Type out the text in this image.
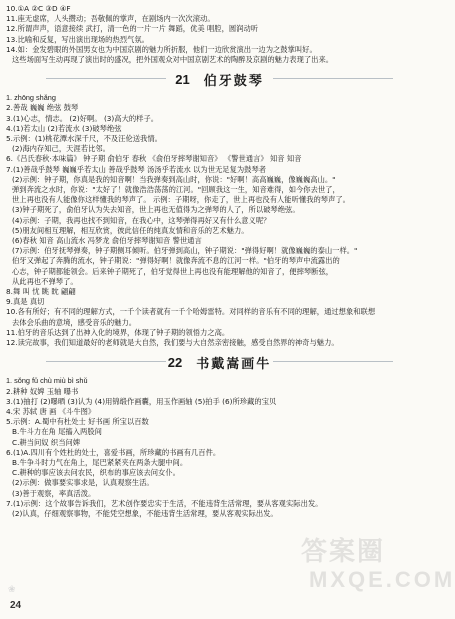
10.①A ②C ③D ④F
11.座无虚席，人头攒动；吾敬佩的掌声，在剧场内一次次滚动。
12.所谓声声，语意接续 武打，清一色的一片一片 舞蹈，优美 唱腔，圆润动听
13.比喻和反复，写出演出现场的热烈气氛。
14.如：金发碧眼的外国男女也为中国京剧的魅力所折服，他们一边欣赏演出一边为之鼓掌叫好。
这些场面写生动再现了演出时的盛况，把外国观众对中国京剧艺术的陶醉及京剧的魅力表现了出来。
21 伯牙鼓琴
1. zhōng shǎng
2.善哉 巍巍 绝弦 鼓琴
3.(1)心志，情志。 (2)好啊。 (3)高大的样子。
4.(1)若太山 (2)若流水 (3)破琴绝弦
5.示例：(1)桃花潭水深千尺，不及汪伦送我情。
(2)海内存知己，天涯若比邻。
6.《吕氏春秋·本味篇》 钟子期 俞伯牙 春秋 《俞伯牙摔琴谢知音》 《警世通言》 知音 知音
7.(1)善哉乎鼓琴 巍巍乎若太山 善哉乎鼓琴 汤汤乎若流水 以为世无足复为鼓琴者
(2)示例：钟子期，你真是我的知音啊！当我弹奏到高山时，你说："好啊！高高巍巍，像巍巍高山。"
弹到奔流之水时，你说："太好了！就像浩浩荡荡的江河。"回顾我这一生，知音难得，如今你去世了，
世上再也没有人能像你这样懂我的琴声了。 示例：子期呀，你走了，世上再也没有人能听懂我的琴声了。
(3)钟子期死了，俞伯牙认为失去知音，世上再也无值得为之弹琴的人了，所以破琴绝弦。
(4)示例：子期，我再也找不到知音，在我心中，这琴弹得再好又有什么意义呢？
(5)朋友间相互理解，相互欣赏，彼此信任的纯真友情和音乐的艺术魅力。
(6)春秋 知音 高山流水 冯梦龙 俞伯牙摔琴谢知音 警世通言
(7)示例：伯牙抚琴弹奏，钟子期侧耳倾听。伯牙弹到高山，钟子期说："弹得好啊！就像巍巍的泰山一样。"
伯牙又弹起了奔腾的流水，钟子期说："弹得好啊！就像奔流不息的江河一样。"伯牙的琴声中流露出的
心志，钟子期都能领会。后来钟子期死了，伯牙觉得世上再也没有能理解他的知音了，便摔琴断弦，
从此再也不弹琴了。
8.舞 叫 忧 眺 眈 翩翩
9.真是 真切
10.各有所好；有不同的理解方式，一千个读者就有一千个哈姆雷特。对同样的音乐有不同的理解，通过想象和联想
去体会乐曲的意境，感受音乐的魅力。
11.伯牙的音乐达到了出神入化的境界，体现了钟子期的领悟力之高。
12.读完故事，我们知道最好的老师就是大自然，我们要与大自然亲密接触，感受自然界的神奇与魅力。
22 书戴嵩画牛
1. sǒng fǔ chù miù bì shǔ
2.耕种 奴婢 玉轴 曝书
3.(1)抽打 (2)曝晒 (3)认为 (4)用锦缎作画囊，用玉作画轴 (5)拍手 (6)所珍藏的宝贝
4.宋 苏轼 唐 画 《斗牛图》
5.示例：A.蜀中有杜处士 好书画 所宝以百数
B.牛斗力在角 尾搐入两股间
C.耕当问奴 织当问婢
6.(1)A.四川有个姓杜的处士，喜爱书画，所珍藏的书画有几百件。
B.牛争斗时力气在角上，尾巴紧紧夹在两条大腿中间。
C.耕种的事应该去问农民，织布的事应该去问女仆。
(2)示例：做事要实事求是，认真观察生活。
(3)善于观察，率真活泼。
7.(1)示例：这个故事告诉我们，艺术创作要忠实于生活，不能违背生活常理，要从客观实际出发。
(2)认真，仔细观察事物，不能凭空想象，不能违背生活常理，要从客观实际出发。
答案圈
MXQE.COM
❀
24
